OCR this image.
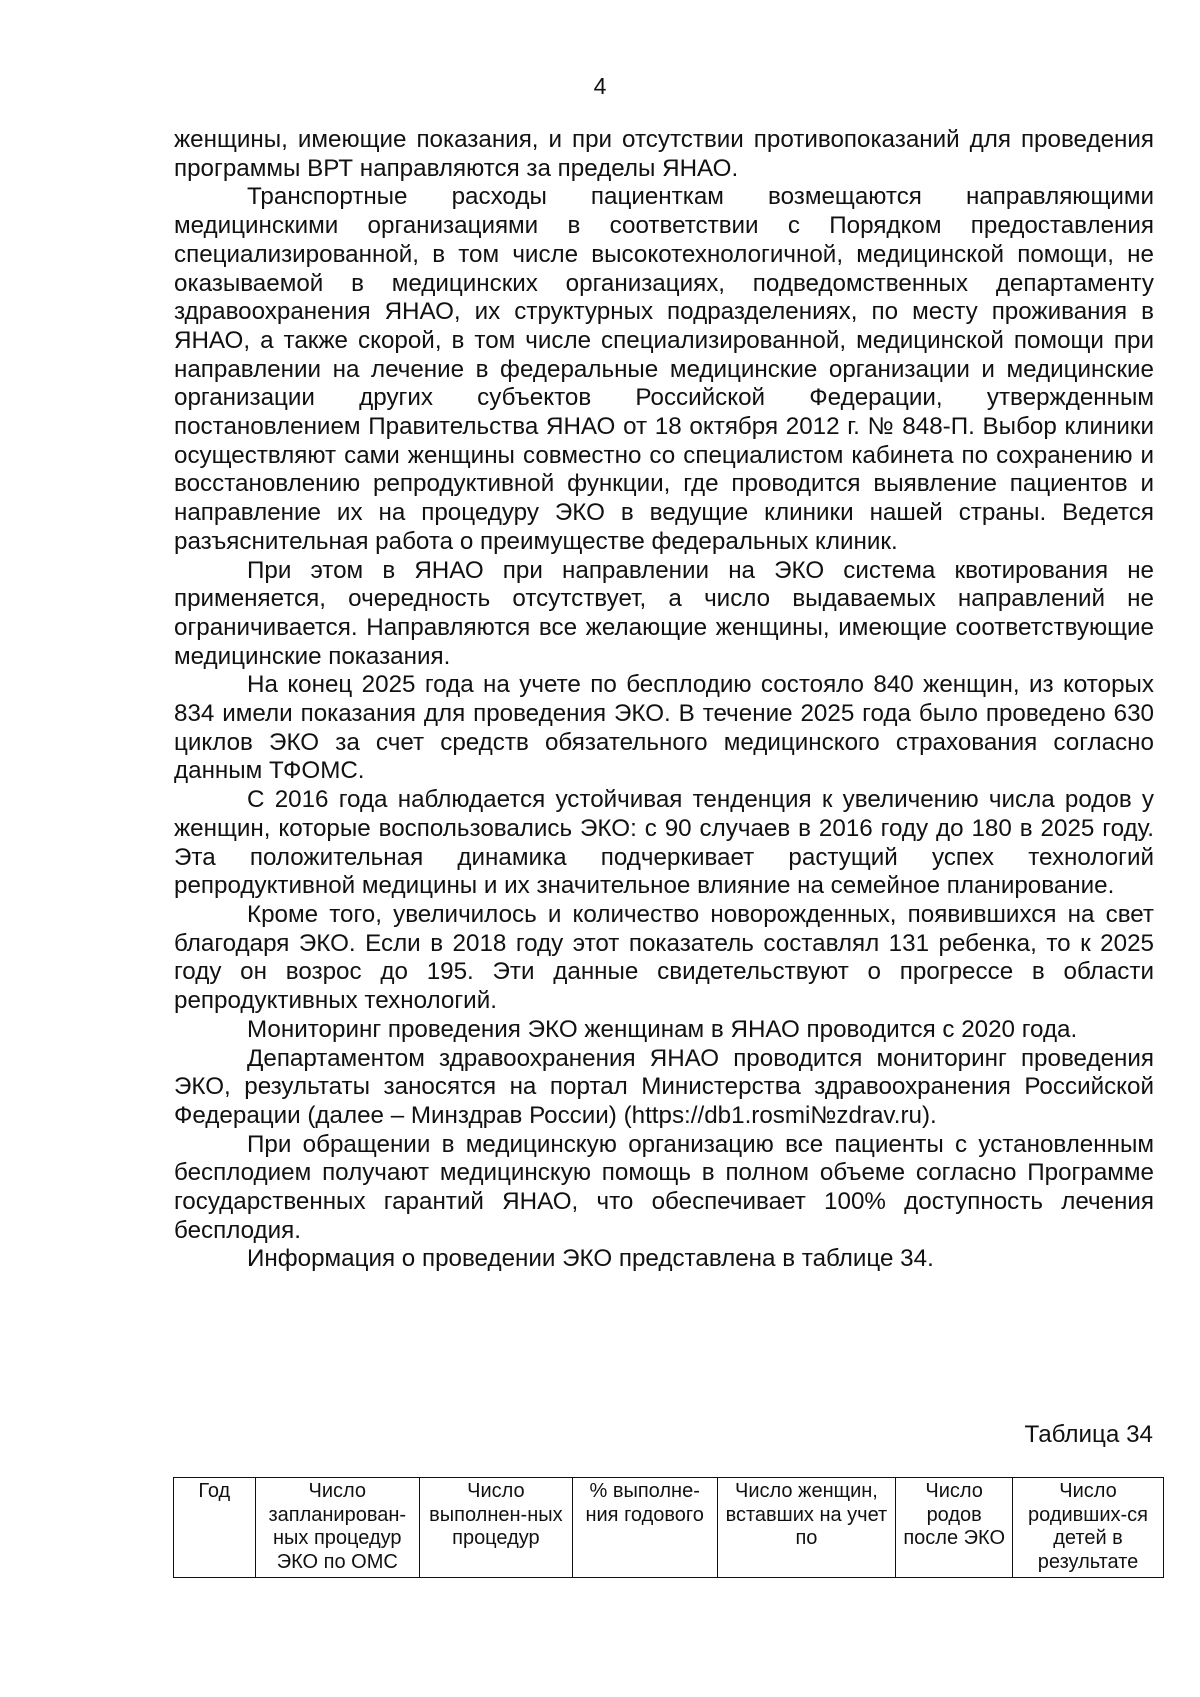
4

женщины, имеющие показания, и при отсутствии противопоказаний для проведения программы ВРТ направляются за пределы ЯНАО.

Транспортные расходы пациенткам возмещаются направляющими медицинскими организациями в соответствии с Порядком предоставления специализированной, в том числе высокотехнологичной, медицинской помощи, не оказываемой в медицинских организациях, подведомственных департаменту здравоохранения ЯНАО, их структурных подразделениях, по месту проживания в ЯНАО, а также скорой, в том числе специализированной, медицинской помощи при направлении на лечение в федеральные медицинские организации и медицинские организации других субъектов Российской Федерации, утвержденным постановлением Правительства ЯНАО от 18 октября 2012 г. № 848-П. Выбор клиники осуществляют сами женщины совместно со специалистом кабинета по сохранению и восстановлению репродуктивной функции, где проводится выявление пациентов и направление их на процедуру ЭКО в ведущие клиники нашей страны. Ведется разъяснительная работа о преимуществе федеральных клиник.

При этом в ЯНАО при направлении на ЭКО система квотирования не применяется, очередность отсутствует, а число выдаваемых направлений не ограничивается. Направляются все желающие женщины, имеющие соответствующие медицинские показания.

На конец 2025 года на учете по бесплодию состояло 840 женщин, из которых 834 имели показания для проведения ЭКО. В течение 2025 года было проведено 630 циклов ЭКО за счет средств обязательного медицинского страхования согласно данным ТФОМС.

С 2016 года наблюдается устойчивая тенденция к увеличению числа родов у женщин, которые воспользовались ЭКО: с 90 случаев в 2016 году до 180 в 2025 году. Эта положительная динамика подчеркивает растущий успех технологий репродуктивной медицины и их значительное влияние на семейное планирование.

Кроме того, увеличилось и количество новорожденных, появившихся на свет благодаря ЭКО. Если в 2018 году этот показатель составлял 131 ребенка, то к 2025 году он возрос до 195. Эти данные свидетельствуют о прогрессе в области репродуктивных технологий.

Мониторинг проведения ЭКО женщинам в ЯНАО проводится с 2020 года.

Департаментом здравоохранения ЯНАО проводится мониторинг проведения ЭКО, результаты заносятся на портал Министерства здравоохранения Российской Федерации (далее – Минздрав России) (https://db1.rosmi№zdrav.ru).

При обращении в медицинскую организацию все пациенты с установленным бесплодием получают медицинскую помощь в полном объеме согласно Программе государственных гарантий ЯНАО, что обеспечивает 100% доступность лечения бесплодия.

Информация о проведении ЭКО представлена в таблице 34.

Таблица 34
Год	Число запланирован-ных процедур ЭКО по ОМС	Число выполнен-ных процедур	% выполне-ния годового	Число женщин, вставших на учет по	Число родов после ЭКО	Число родивших-ся детей в результате
